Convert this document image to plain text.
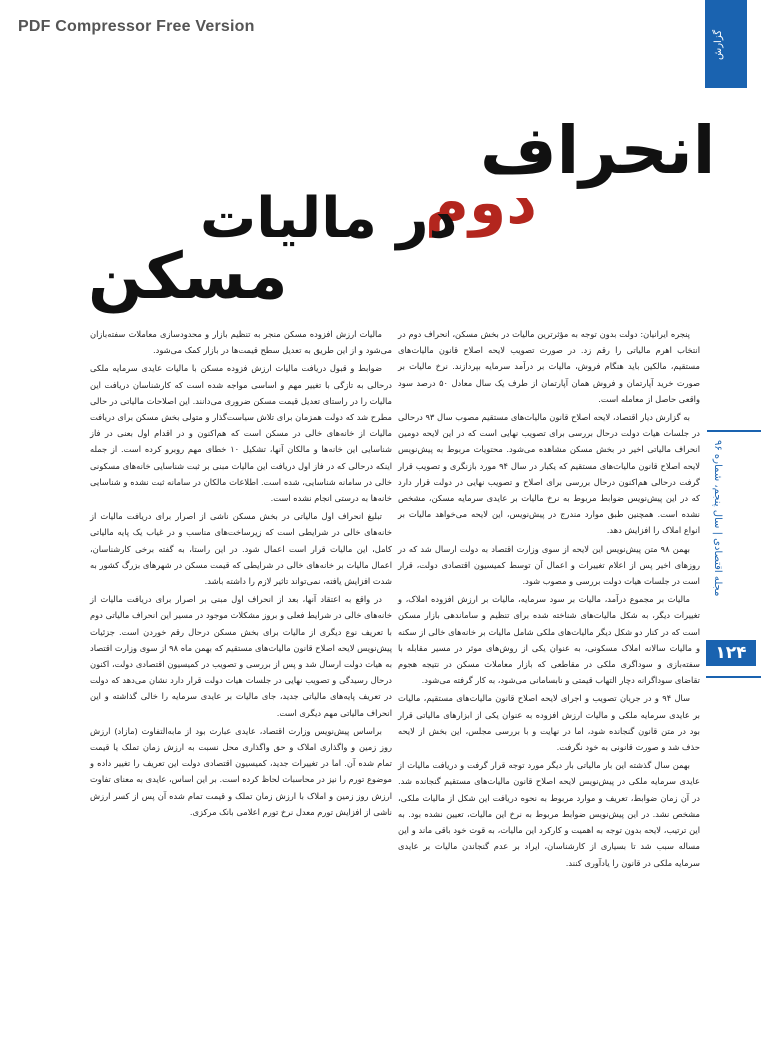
PDF Compressor Free Version
گزارش
مجله اقتصادی | سال پنجم، شماره ۹۶
۱۲۴
انحراف
دوم
در مالیات
مسکن

پنجره ایرانیان: دولت بدون توجه به مؤثرترین مالیات در بخش مسکن، انحراف دوم در انتخاب اهرم مالیاتی را رقم زد. در صورت تصویب لایحه اصلاح قانون مالیات‌های مستقیم، مالکین باید هنگام فروش، مالیات بر درآمد سرمایه بپردازند. نرخ مالیات بر صورت خرید آپارتمان و فروش همان آپارتمان از طرف یک سال معادل ۵۰ درصد سود واقعی حاصل از معامله است.

به گزارش دیار اقتصاد، لایحه اصلاح قانون مالیات‌های مستقیم مصوب سال ۹۳ درحالی در جلسات هیات دولت درحال بررسی برای تصویب نهایی است که در این لایحه دومین انحراف مالیاتی اخیر در بخش مسکن مشاهده می‌شود. محتویات مربوط به پیش‌نویس لایحه اصلاح قانون مالیات‌های مستقیم که یکبار در سال ۹۴ مورد بازنگری و تصویب قرار گرفت درحالی هم‌اکنون درحال بررسی برای اصلاح و تصویب نهایی در دولت قرار دارد که در این پیش‌نویس ضوابط مربوط به نرخ مالیات بر عایدی سرمایه مسکن، مشخص نشده است. همچنین طبق موارد مندرج در پیش‌نویس، این لایحه می‌خواهد مالیات بر انواع املاک را افزایش دهد.

بهمن ۹۸ متن پیش‌نویس این لایحه از سوی وزارت اقتصاد به دولت ارسال شد که در روزهای اخیر پس از اعلام تغییرات و اعمال آن توسط کمیسیون اقتصادی دولت، قرار است در جلسات هیات دولت بررسی و مصوب شود.

مالیات بر مجموع درآمد، مالیات بر سود سرمایه، مالیات بر ارزش افزوده املاک، و تغییرات دیگر، به شکل مالیات‌های شناخته شده برای تنظیم و ساماندهی بازار مسکن است که در کنار دو شکل دیگر مالیات‌های ملکی شامل مالیات بر خانه‌های خالی از سکنه و مالیات سالانه املاک مسکونی، به عنوان یکی از روش‌های موثر در مسیر مقابله با سفته‌بازی و سوداگری ملکی در مقاطعی که بازار معاملات مسکن در نتیجه هجوم تقاضای سوداگرانه دچار التهاب قیمتی و نابسامانی می‌شود، به کار گرفته می‌شود.

سال ۹۴ و در جریان تصویب و اجرای لایحه اصلاح قانون مالیات‌های مستقیم، مالیات بر عایدی سرمایه ملکی و مالیات ارزش افزوده به عنوان یکی از ابزارهای مالیاتی قرار بود در متن قانون گنجانده شود، اما در نهایت و با بررسی مجلس، این بخش از لایحه حذف شد و صورت قانونی به خود نگرفت.

بهمن سال گذشته این بار مالیاتی بار دیگر مورد توجه قرار گرفت و دریافت مالیات از عایدی سرمایه ملکی در پیش‌نویس لایحه اصلاح قانون مالیات‌های مستقیم گنجانده شد. در آن زمان ضوابط، تعریف و موارد مربوط به نحوه دریافت این شکل از مالیات ملکی، مشخص نشد. در این پیش‌نویس ضوابط مربوط به نرخ این مالیات، تعیین نشده بود. به این ترتیب، لایحه بدون توجه به اهمیت و کارکرد این مالیات، به قوت خود باقی ماند و این مساله سبب شد تا بسیاری از کارشناسان، ایراد بر عدم گنجاندن مالیات بر عایدی سرمایه ملکی در قانون را یادآوری کنند.

مالیات ارزش افزوده مسکن منجر به تنظیم بازار و محدودسازی معاملات سفته‌بازان می‌شود و از این طریق به تعدیل سطح قیمت‌ها در بازار کمک می‌شود.

ضوابط و قبول دریافت مالیات ارزش فزوده مسکن با مالیات عایدی سرمایه ملکی درحالی به تازگی با تغییر مهم و اساسی مواجه شده است که کارشناسان دریافت این مالیات را در راستای تعدیل قیمت مسکن ضروری می‌دانند. این اصلاحات مالیاتی در حالی مطرح شد که دولت همزمان برای تلاش سیاست‌گذار و متولی بخش مسکن برای دریافت مالیات از خانه‌های خالی در مسکن است که هم‌اکنون و در اقدام اول بعنی در فاز شناسایی این خانه‌ها و مالکان آنها، تشکیل ۱۰ خطای مهم روبرو کرده است. از جمله اینکه درحالی که در فاز اول دریافت این مالیات مبنی بر ثبت شناسایی خانه‌های مسکونی خالی در سامانه شناسایی، شده است. اطلاعات مالکان در سامانه ثبت نشده و شناسایی خانه‌ها به درستی انجام نشده است.

تبلیغ انحراف اول مالیاتی در بخش مسکن ناشی از اصرار برای دریافت مالیات از خانه‌های خالی در شرایطی است که زیرساخت‌های مناسب و در غیاب یک پایه مالیاتی کامل، این مالیات قرار است اعمال شود. در این راستا، به گفته برخی کارشناسان، اعمال مالیات بر خانه‌های خالی در شرایطی که قیمت مسکن در شهرهای بزرگ کشور به شدت افزایش یافته، نمی‌تواند تاثیر لازم را داشته باشد.

در واقع به اعتقاد آنها، بعد از انحراف اول مبنی بر اصرار برای دریافت مالیات از خانه‌های خالی در شرایط فعلی و بروز مشکلات موجود در مسیر این انحراف مالیاتی دوم با تعریف نوع دیگری از مالیات برای بخش مسکن درحال رقم خوردن است. جزئیات پیش‌نویس لایحه اصلاح قانون مالیات‌های مستقیم که بهمن ماه ۹۸ از سوی وزارت اقتصاد به هیات دولت ارسال شد و پس از بررسی و تصویب در کمیسیون اقتصادی دولت، اکنون درحال رسیدگی و تصویب نهایی در جلسات هیات دولت قرار دارد نشان می‌دهد که دولت در تعریف پایه‌های مالیاتی جدید، جای مالیات بر عایدی سرمایه را خالی گذاشته و این انحراف مالیاتی مهم دیگری است.

براساس پیش‌نویس وزارت اقتصاد، عایدی عبارت بود از مابه‌التفاوت (مازاد) ارزش روز زمین و واگذاری املاک و حق واگذاری محل نسبت به ارزش زمان تملک یا قیمت تمام شده آن. اما در تغییرات جدید، کمیسیون اقتصادی دولت این تعریف را تغییر داده و موضوع تورم را نیز در محاسبات لحاظ کرده است. بر این اساس، عایدی به معنای تفاوت ارزش روز زمین و املاک با ارزش زمان تملک و قیمت تمام شده آن پس از کسر ارزش ناشی از افزایش تورم معدل نرخ تورم اعلامی بانک مرکزی.
